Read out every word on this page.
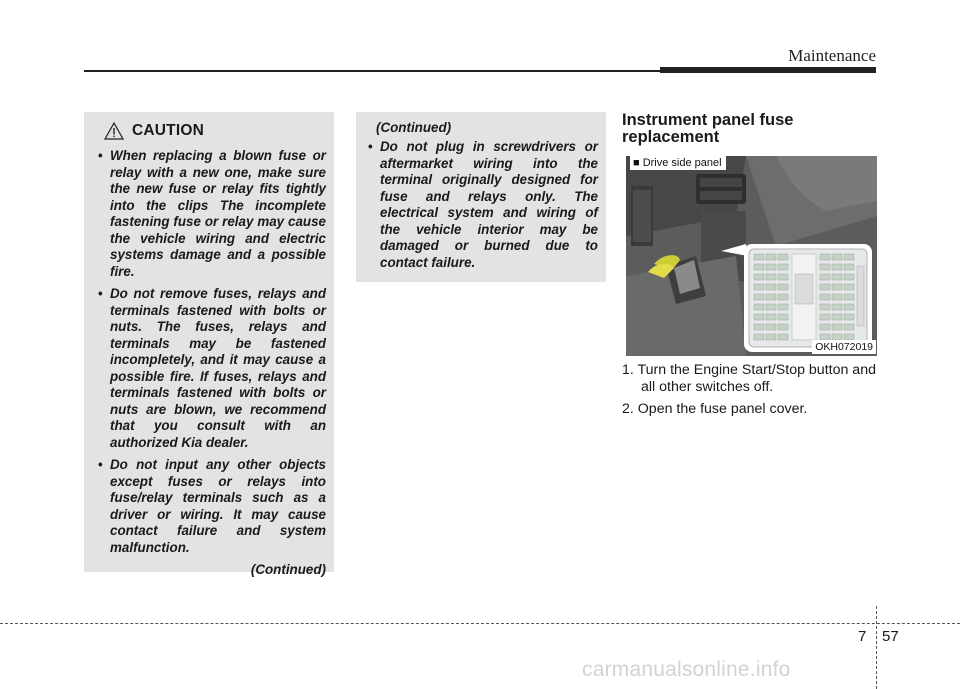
Maintenance
CAUTION
• When replacing a blown fuse or relay with a new one, make sure the new fuse or relay fits tightly into the clips The incomplete fastening fuse or relay may cause the vehicle wiring and electric systems damage and a possible fire.
• Do not remove fuses, relays and terminals fastened with bolts or nuts. The fuses, relays and terminals may be fastened incompletely, and it may cause a possible fire. If fuses, relays and terminals fastened with bolts or nuts are blown, we recommend that you consult with an authorized Kia dealer.
• Do not input any other objects except fuses or relays into fuse/relay terminals such as a driver or wiring. It may cause contact failure and system malfunction.
(Continued)
(Continued)
• Do not plug in screwdrivers or aftermarket wiring into the terminal originally designed for fuse and relays only. The electrical system and wiring of the vehicle interior may be damaged or burned due to contact failure.
Instrument panel fuse replacement
■ Drive side panel
OKH072019
1. Turn the Engine Start/Stop button and all other switches off.
2. Open the fuse panel cover.
7 57
carmanualsonline.info
